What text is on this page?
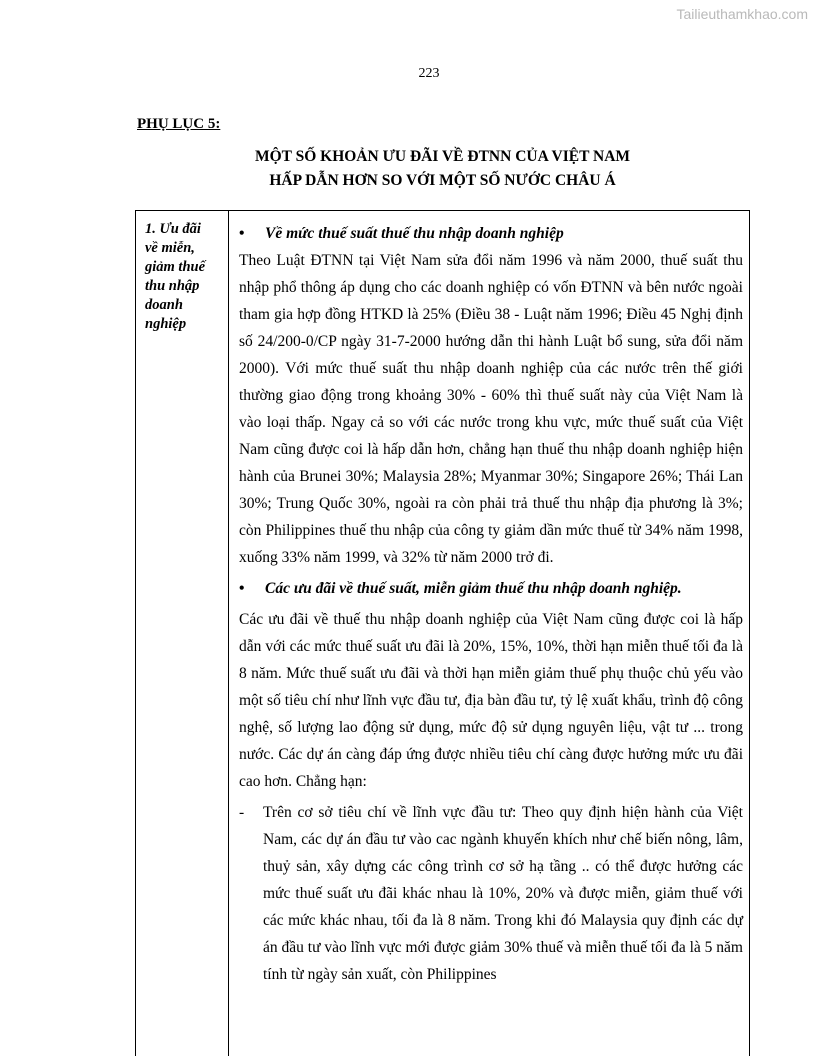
Tailieuthamkhao.com
223
PHỤ LỤC 5:
MỘT SỐ KHOẢN ƯU ĐÃI VỀ ĐTNN CỦA VIỆT NAM
HẤP DẪN HƠN SO VỚI MỘT SỐ NƯỚC CHÂU Á
1. Ưu đãi
về miễn,
giảm thuế
thu nhập
doanh
nghiệp
•	Về mức thuế suất thuế thu nhập doanh nghiệp

Theo Luật ĐTNN tại Việt Nam sửa đổi năm 1996 và năm 2000, thuế suất thu nhập phổ thông áp dụng cho các doanh nghiệp có vốn ĐTNN và bên nước ngoài tham gia hợp đồng HTKD là 25% (Điều 38 - Luật năm 1996; Điều 45 Nghị định số 24/200-0/CP ngày 31-7-2000 hướng dẫn thi hành Luật bổ sung, sửa đổi năm 2000). Với mức thuế suất thu nhập doanh nghiệp của các nước trên thế giới thường giao động trong khoảng 30% - 60% thì thuế suất này của Việt Nam là vào loại thấp. Ngay cả so với các nước trong khu vực, mức thuế suất của Việt Nam cũng được coi là hấp dẫn hơn, chẳng hạn thuế thu nhập doanh nghiệp hiện hành của Brunei 30%; Malaysia 28%; Myanmar 30%; Singapore 26%; Thái Lan 30%; Trung Quốc 30%, ngoài ra còn phải trả thuế thu nhập địa phương là 3%; còn Philippines thuế thu nhập của công ty giảm dần mức thuế từ 34% năm 1998, xuống 33% năm 1999, và 32% từ năm 2000 trở đi.

•	Các ưu đãi về thuế suất, miễn giảm thuế thu nhập doanh nghiệp.

Các ưu đãi về thuế thu nhập doanh nghiệp của Việt Nam cũng được coi là hấp dẫn với các mức thuế suất ưu đãi là 20%, 15%, 10%, thời hạn miễn thuế tối đa là 8 năm. Mức thuế suất ưu đãi và thời hạn miễn giảm thuế phụ thuộc chủ yếu vào một số tiêu chí như lĩnh vực đầu tư, địa bàn đầu tư, tỷ lệ xuất khẩu, trình độ công nghệ, số lượng lao động sử dụng, mức độ sử dụng nguyên liệu, vật tư ... trong nước. Các dự án càng đáp ứng được nhiều tiêu chí càng được hưởng mức ưu đãi cao hơn. Chẳng hạn:

-	Trên cơ sở tiêu chí về lĩnh vực đầu tư: Theo quy định hiện hành của Việt Nam, các dự án đầu tư vào cac ngành khuyến khích như chế biến nông, lâm, thuỷ sản, xây dựng các công trình cơ sở hạ tầng .. có thể được hưởng các mức thuế suất ưu đãi khác nhau là 10%, 20% và được miễn, giảm thuế với các mức khác nhau, tối đa là 8 năm. Trong khi đó Malaysia quy định các dự án đầu tư vào lĩnh vực mới được giảm 30% thuế và miễn thuế tối đa là 5 năm tính từ ngày sản xuất, còn Philippines
